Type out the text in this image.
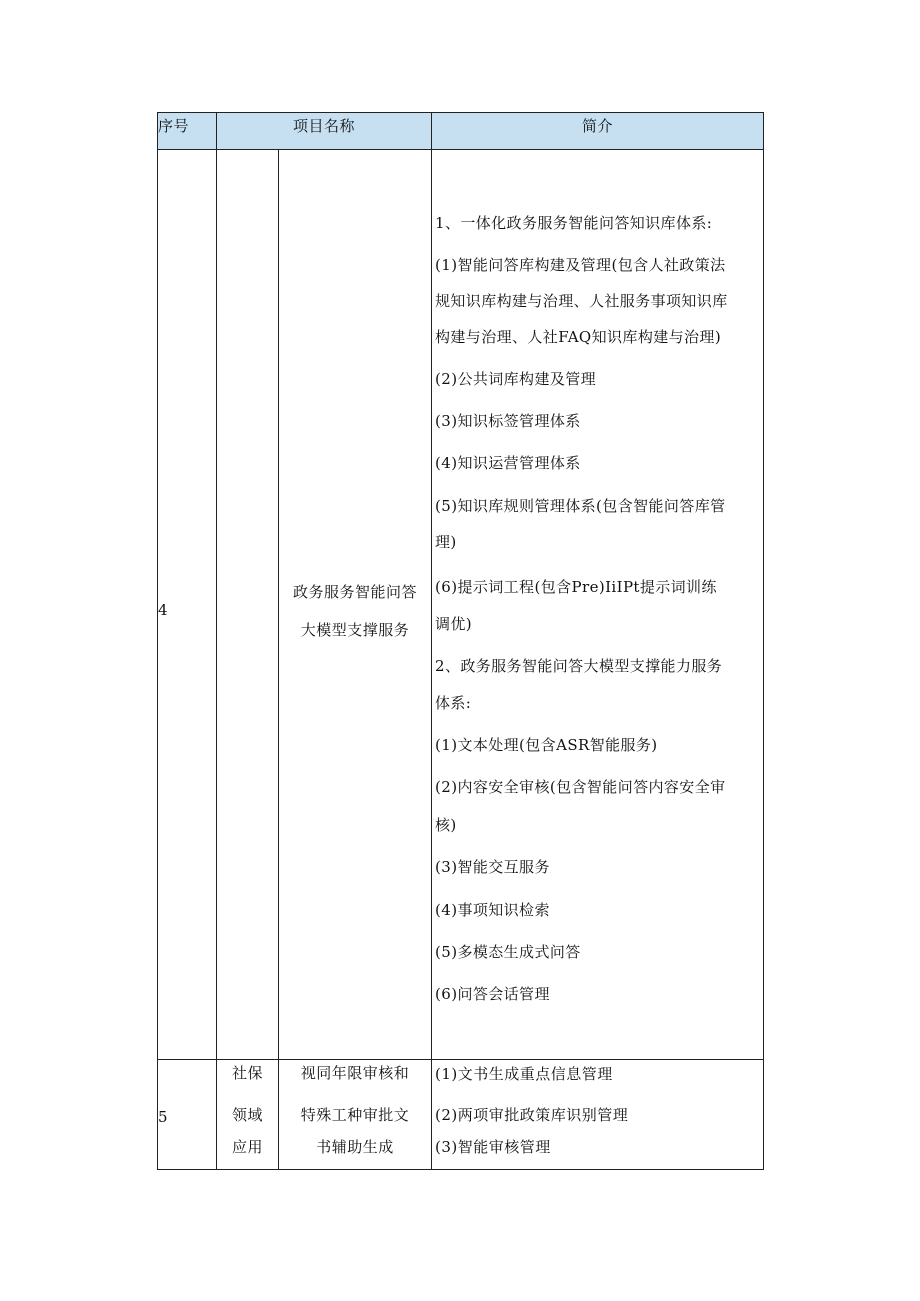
序号	项目名称	简介
4
政务服务智能问答
大模型支撑服务
1、一体化政务服务智能问答知识库体系:
(1)智能问答库构建及管理(包含人社政策法
规知识库构建与治理、人社服务事项知识库
构建与治理、人社FAQ知识库构建与治理)
(2)公共词库构建及管理
(3)知识标签管理体系
(4)知识运营管理体系
(5)知识库规则管理体系(包含智能问答库管
理)
(6)提示词工程(包含Pre)IiIPt提示词训练
调优)
2、政务服务智能问答大模型支撑能力服务
体系:
(1)文本处理(包含ASR智能服务)
(2)内容安全审核(包含智能问答内容安全审
核)
(3)智能交互服务
(4)事项知识检索
(5)多模态生成式问答
(6)问答会话管理
5
社保
领域
应用
视同年限审核和
特殊工种审批文
书辅助生成
(1)文书生成重点信息管理
(2)两项审批政策库识别管理
(3)智能审核管理
